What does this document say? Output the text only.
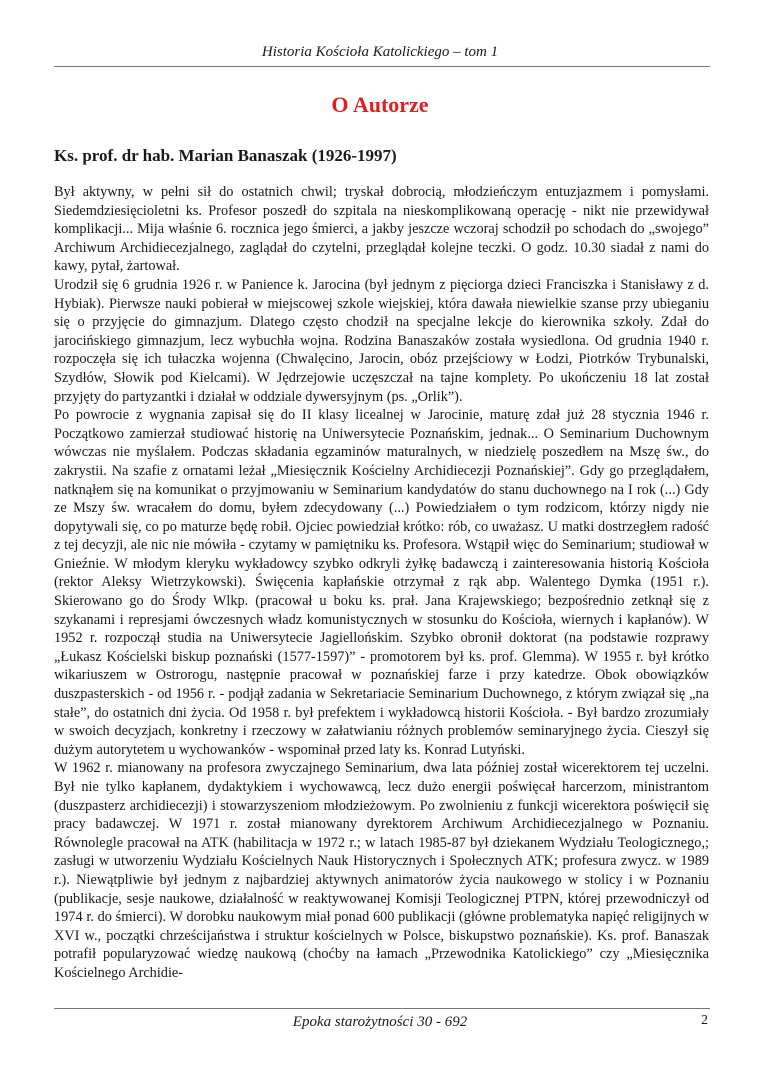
Historia Kościoła Katolickiego – tom 1
O Autorze
Ks. prof. dr hab. Marian Banaszak (1926-1997)

Był aktywny, w pełni sił do ostatnich chwil; tryskał dobrocią, młodzieńczym entuzjazmem i pomysłami. Siedemdziesięcioletni ks. Profesor poszedł do szpitala na nieskomplikowaną operację - nikt nie przewidywał komplikacji... Mija właśnie 6. rocznica jego śmierci, a jakby jeszcze wczoraj schodził po schodach do „swojego” Archiwum Archidiecezjalnego, zaglądał do czytelni, przeglądał kolejne teczki. O godz. 10.30 siadał z nami do kawy, pytał, żartował.

Urodził się 6 grudnia 1926 r. w Panience k. Jarocina (był jednym z pięciorga dzieci Franciszka i Stanisławy z d. Hybiak). Pierwsze nauki pobierał w miejscowej szkole wiejskiej, która dawała niewielkie szanse przy ubieganiu się o przyjęcie do gimnazjum. Dlatego często chodził na specjalne lekcje do kierownika szkoły. Zdał do jarocińskiego gimnazjum, lecz wybuchła wojna. Rodzina Banaszaków została wysiedlona. Od grudnia 1940 r. rozpoczęła się ich tułaczka wojenna (Chwalęcino, Jarocin, obóz przejściowy w Łodzi, Piotrków Trybunalski, Szydłów, Słowik pod Kielcami). W Jędrzejowie uczęszczał na tajne komplety. Po ukończeniu 18 lat został przyjęty do partyzantki i działał w oddziale dywersyjnym (ps. „Orlik”).

Po powrocie z wygnania zapisał się do II klasy licealnej w Jarocinie, maturę zdał już 28 stycznia 1946 r. Początkowo zamierzał studiować historię na Uniwersytecie Poznańskim, jednak... O Seminarium Duchownym wówczas nie myślałem. Podczas składania egzaminów maturalnych, w niedzielę poszedłem na Mszę św., do zakrystii. Na szafie z ornatami leżał „Miesięcznik Kościelny Archidiecezji Poznańskiej”. Gdy go przeglądałem, natknąłem się na komunikat o przyjmowaniu w Seminarium kandydatów do stanu duchownego na I rok (...) Gdy ze Mszy św. wracałem do domu, byłem zdecydowany (...) Powiedziałem o tym rodzicom, którzy nigdy nie dopytywali się, co po maturze będę robił. Ojciec powiedział krótko: rób, co uważasz. U matki dostrzegłem radość z tej decyzji, ale nic nie mówiła - czytamy w pamiętniku ks. Profesora. Wstąpił więc do Seminarium; studiował w Gnieźnie. W młodym kleryku wykładowcy szybko odkryli żyłkę badawczą i zainteresowania historią Kościoła (rektor Aleksy Wietrzykowski). Święcenia kapłańskie otrzymał z rąk abp. Walentego Dymka (1951 r.). Skierowano go do Środy Wlkp. (pracował u boku ks. prał. Jana Krajewskiego; bezpośrednio zetknął się z szykanami i represjami ówczesnych władz komunistycznych w stosunku do Kościoła, wiernych i kapłanów). W 1952 r. rozpoczął studia na Uniwersytecie Jagiellońskim. Szybko obronił doktorat (na podstawie rozprawy „Łukasz Kościelski biskup poznański (1577-1597)” - promotorem był ks. prof. Glemma). W 1955 r. był krótko wikariuszem w Ostrorogu, następnie pracował w poznańskiej farze i przy katedrze. Obok obowiązków duszpasterskich - od 1956 r. - podjął zadania w Sekretariacie Seminarium Duchownego, z którym związał się „na stałe”, do ostatnich dni życia. Od 1958 r. był prefektem i wykładowcą historii Kościoła. - Był bardzo zrozumiały w swoich decyzjach, konkretny i rzeczowy w załatwianiu różnych problemów seminaryjnego życia. Cieszył się dużym autorytetem u wychowanków - wspominał przed laty ks. Konrad Lutyński.

W 1962 r. mianowany na profesora zwyczajnego Seminarium, dwa lata później został wicerektorem tej uczelni. Był nie tylko kapłanem, dydaktykiem i wychowawcą, lecz dużo energii poświęcał harcerzom, ministrantom (duszpasterz archidiecezji) i stowarzyszeniom młodzieżowym. Po zwolnieniu z funkcji wicerektora poświęcił się pracy badawczej. W 1971 r. został mianowany dyrektorem Archiwum Archidiecezjalnego w Poznaniu. Równolegle pracował na ATK (habilitacja w 1972 r.; w latach 1985-87 był dziekanem Wydziału Teologicznego,; zasługi w utworzeniu Wydziału Kościelnych Nauk Historycznych i Społecznych ATK; profesura zwycz. w 1989 r.). Niewątpliwie był jednym z najbardziej aktywnych animatorów życia naukowego w stolicy i w Poznaniu (publikacje, sesje naukowe, działalność w reaktywowanej Komisji Teologicznej PTPN, której przewodniczył od 1974 r. do śmierci). W dorobku naukowym miał ponad 600 publikacji (główne problematyka napięć religijnych w XVI w., początki chrześcijaństwa i struktur kościelnych w Polsce, biskupstwo poznańskie). Ks. prof. Banaszak potrafił popularyzować wiedzę naukową (choćby na łamach „Przewodnika Katolickiego” czy „Miesięcznika Kościelnego Archidie-

Epoka starożytności 30 - 692	2
